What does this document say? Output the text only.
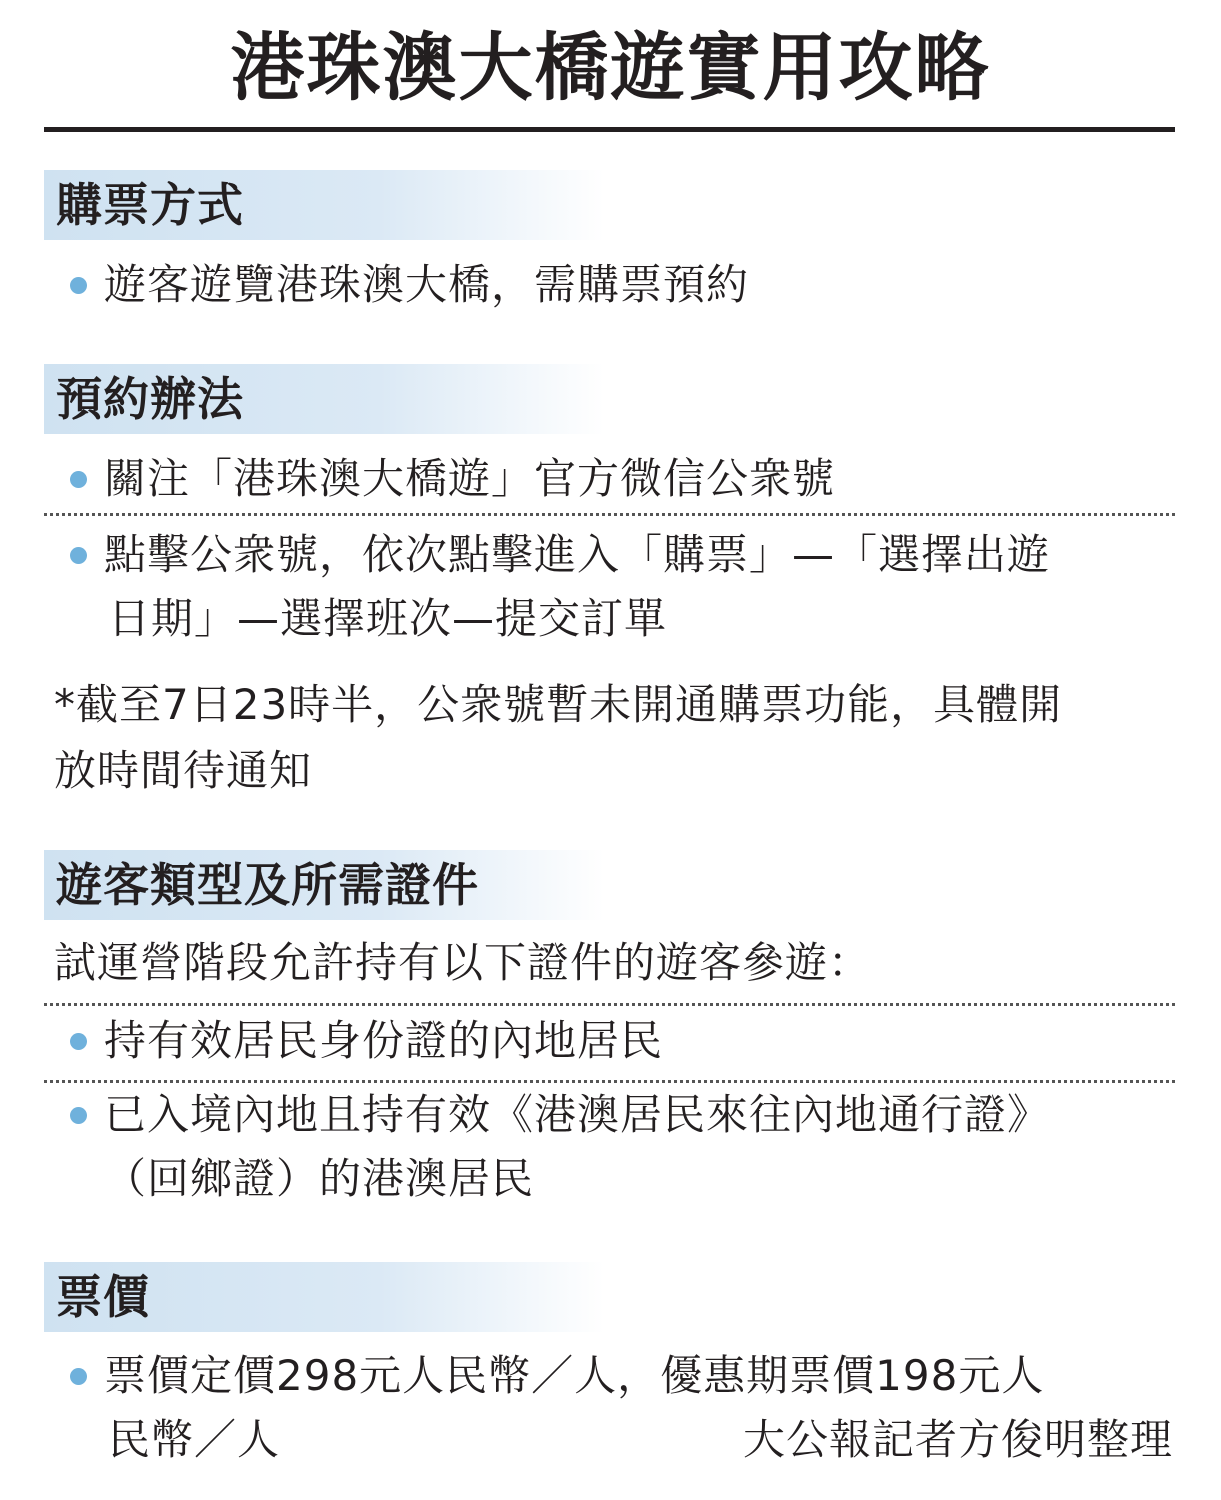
港珠澳大橋遊實用攻略
購票方式
遊客遊覽港珠澳大橋，需購票預約
預約辦法
關注「港珠澳大橋遊」官方微信公衆號
點擊公衆號，依次點擊進入「購票」—「選擇出遊
日期」—選擇班次—提交訂單
*截至7日23時半，公衆號暫未開通購票功能，具體開
放時間待通知
遊客類型及所需證件
試運營階段允許持有以下證件的遊客參遊：
持有效居民身份證的內地居民
已入境內地且持有效《港澳居民來往內地通行證》
（回鄉證）的港澳居民
票價
票價定價298元人民幣／人，優惠期票價198元人
民幣／人	大公報記者方俊明整理
